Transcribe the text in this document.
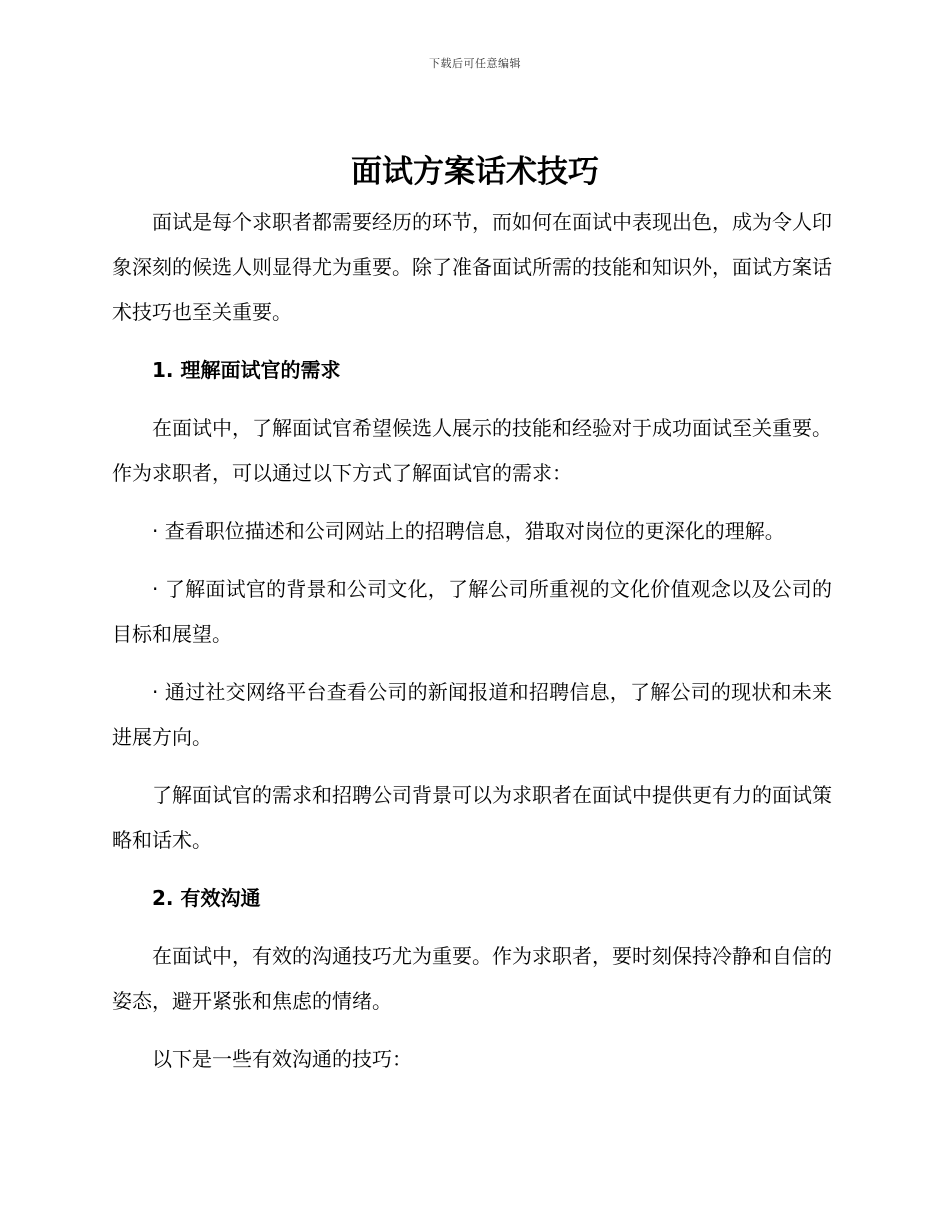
下载后可任意编辑
面试方案话术技巧

面试是每个求职者都需要经历的环节，而如何在面试中表现出色，成为令人印象深刻的候选人则显得尤为重要。除了准备面试所需的技能和知识外，面试方案话术技巧也至关重要。

1. 理解面试官的需求

在面试中，了解面试官希望候选人展示的技能和经验对于成功面试至关重要。作为求职者，可以通过以下方式了解面试官的需求：

· 查看职位描述和公司网站上的招聘信息，猎取对岗位的更深化的理解。

· 了解面试官的背景和公司文化，了解公司所重视的文化价值观念以及公司的目标和展望。

· 通过社交网络平台查看公司的新闻报道和招聘信息，了解公司的现状和未来进展方向。

了解面试官的需求和招聘公司背景可以为求职者在面试中提供更有力的面试策略和话术。

2. 有效沟通

在面试中，有效的沟通技巧尤为重要。作为求职者，要时刻保持冷静和自信的姿态，避开紧张和焦虑的情绪。

以下是一些有效沟通的技巧：
